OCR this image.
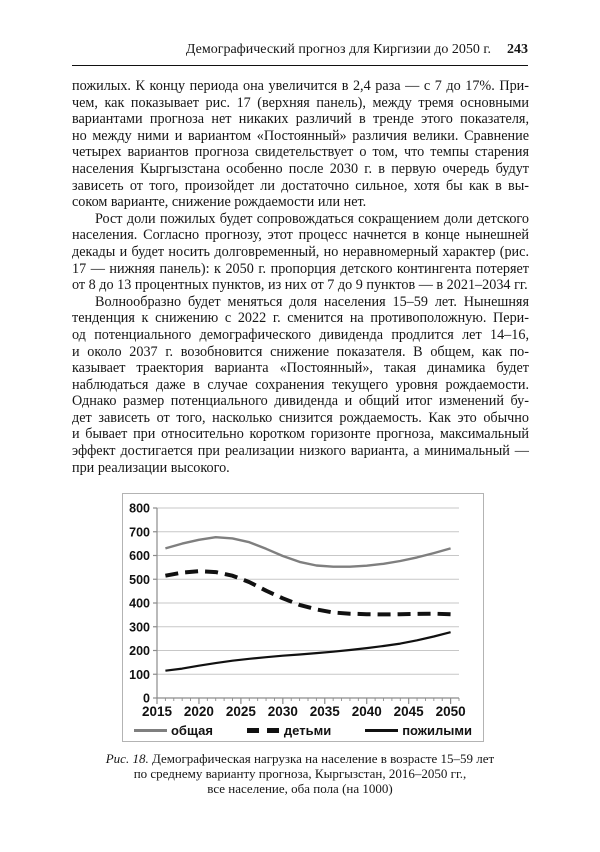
Демографический прогноз для Киргизии до 2050 г. 243
пожилых. К концу периода она увеличится в 2,4 раза — с 7 до 17%. При-
чем, как показывает рис. 17 (верхняя панель), между тремя основными
вариантами прогноза нет никаких различий в тренде этого показателя,
но между ними и вариантом «Постоянный» различия велики. Сравнение
четырех вариантов прогноза свидетельствует о том, что темпы старения
населения Кыргызстана особенно после 2030 г. в первую очередь будут
зависеть от того, произойдет ли достаточно сильное, хотя бы как в вы-
соком варианте, снижение рождаемости или нет.
Рост доли пожилых будет сопровождаться сокращением доли детского
населения. Согласно прогнозу, этот процесс начнется в конце нынешней
декады и будет носить долговременный, но неравномерный характер (рис.
17 — нижняя панель): к 2050 г. пропорция детского контингента потеряет
от 8 до 13 процентных пунктов, из них от 7 до 9 пунктов — в 2021–2034 гг.
Волнообразно будет меняться доля населения 15–59 лет. Нынешняя
тенденция к снижению с 2022 г. сменится на противоположную. Пери-
од потенциального демографического дивиденда продлится лет 14–16,
и около 2037 г. возобновится снижение показателя. В общем, как по-
казывает траектория варианта «Постоянный», такая динамика будет
наблюдаться даже в случае сохранения текущего уровня рождаемости.
Однако размер потенциального дивиденда и общий итог изменений бу-
дет зависеть от того, насколько снизится рождаемость. Как это обычно
и бывает при относительно коротком горизонте прогноза, максимальный
эффект достигается при реализации низкого варианта, а минимальный —
при реализации высокого.
0
100
200
300
400
500
600
700
800
2015 2020 2025 2030 2035 2040 2045 2050
общая	детьми	пожилыми
Рис. 18. Демографическая нагрузка на население в возрасте 15–59 лет
по среднему варианту прогноза, Кыргызстан, 2016–2050 гг.,
все население, оба пола (на 1000)
